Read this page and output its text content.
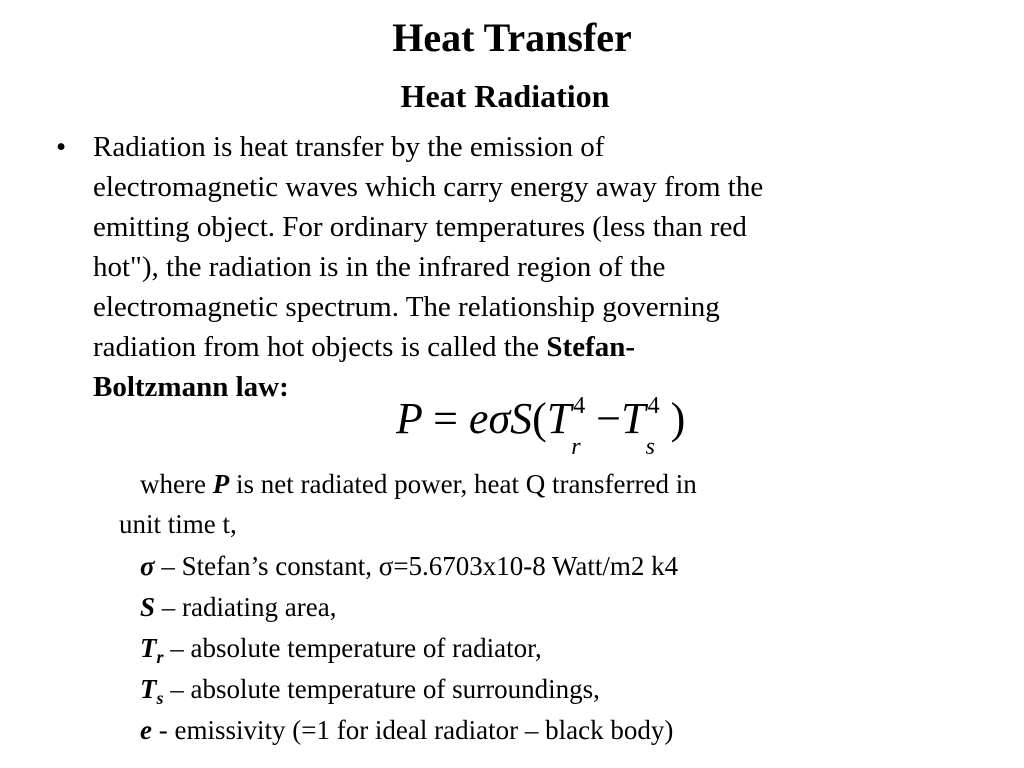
Heat Transfer
Heat Radiation
• Radiation is heat transfer by the emission of
electromagnetic waves which carry energy away from the
emitting object. For ordinary temperatures (less than red
hot"), the radiation is in the infrared region of the
electromagnetic spectrum. The relationship governing
radiation from hot objects is called the Stefan-
Boltzmann law:
$P = e\sigma S(T^4$
r
$-T^4$
s
)
where P is net radiated power, heat Q transferred in
unit time t,
σ – Stefan’s constant, σ=5.6703x10-8 Watt/m2 k4
S – radiating area,
$T_r$ – absolute temperature of radiator,
$T_s$ – absolute temperature of surroundings,
e - emissivity (=1 for ideal radiator – black body)
